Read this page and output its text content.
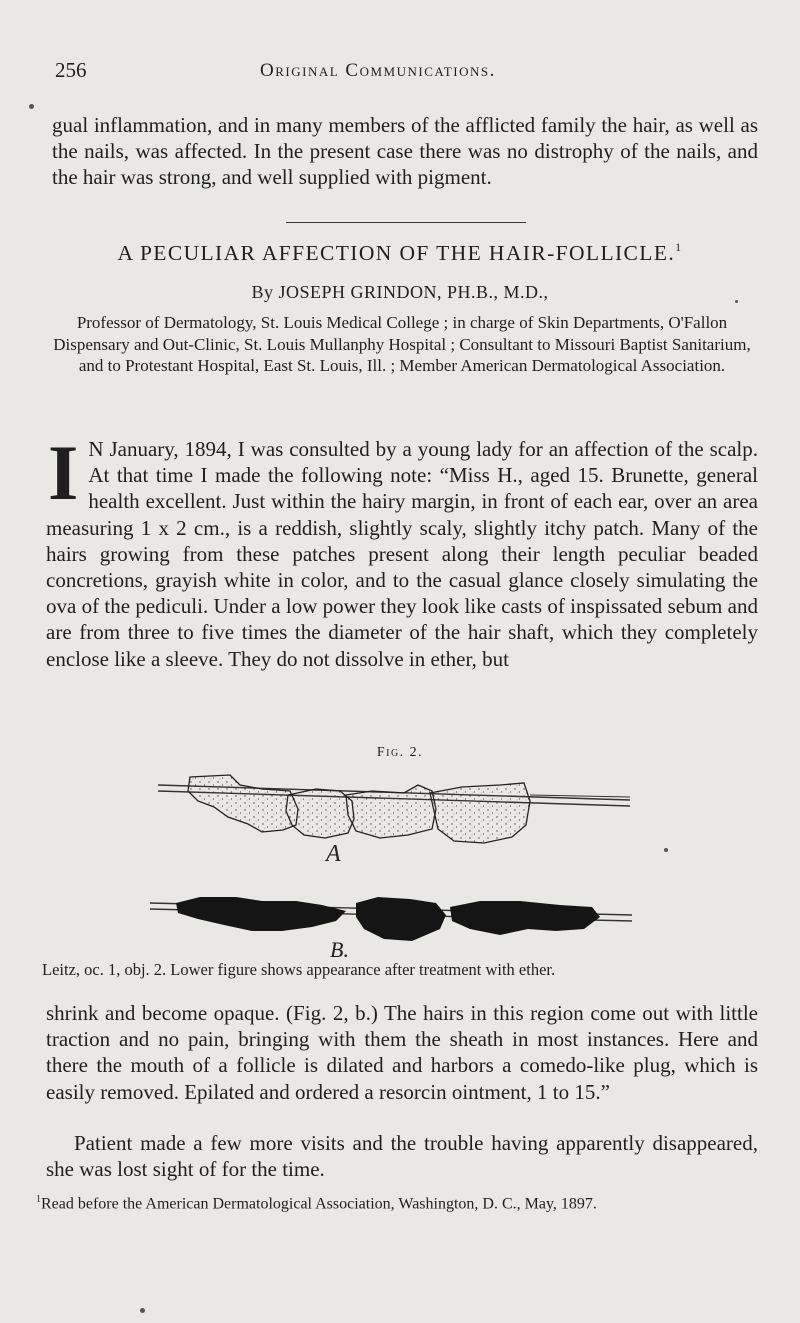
256	Original Communications.
gual inflammation, and in many members of the afflicted family the hair, as well as the nails, was affected. In the present case there was no distrophy of the nails, and the hair was strong, and well supplied with pigment.
A PECULIAR AFFECTION OF THE HAIR-FOLLICLE.$^1$
By JOSEPH GRINDON, PH.B., M.D.,
Professor of Dermatology, St. Louis Medical College ; in charge of Skin Departments, O'Fallon Dispensary and Out-Clinic, St. Louis Mullanphy Hospital ; Consultant to Missouri Baptist Sanitarium, and to Protestant Hospital, East St. Louis, Ill. ; Member American Dermatological Association.
I N January, 1894, I was consulted by a young lady for an affection of the scalp. At that time I made the following note: “Miss H., aged 15. Brunette, general health excellent. Just within the hairy margin, in front of each ear, over an area measuring 1 x 2 cm., is a reddish, slightly scaly, slightly itchy patch. Many of the hairs growing from these patches present along their length peculiar beaded concretions, grayish white in color, and to the casual glance closely simulating the ova of the pediculi. Under a low power they look like casts of inspissated sebum and are from three to five times the diameter of the hair shaft, which they completely enclose like a sleeve. They do not dissolve in ether, but
Fig. 2.
A
B.
Leitz, oc. 1, obj. 2. Lower figure shows appearance after treatment with ether.
shrink and become opaque. (Fig. 2, b.) The hairs in this region come out with little traction and no pain, bringing with them the sheath in most instances. Here and there the mouth of a follicle is dilated and harbors a comedo-like plug, which is easily removed. Epilated and ordered a resorcin ointment, 1 to 15.”
Patient made a few more visits and the trouble having apparently disappeared, she was lost sight of for the time.
$^1$Read before the American Dermatological Association, Washington, D. C., May, 1897.
